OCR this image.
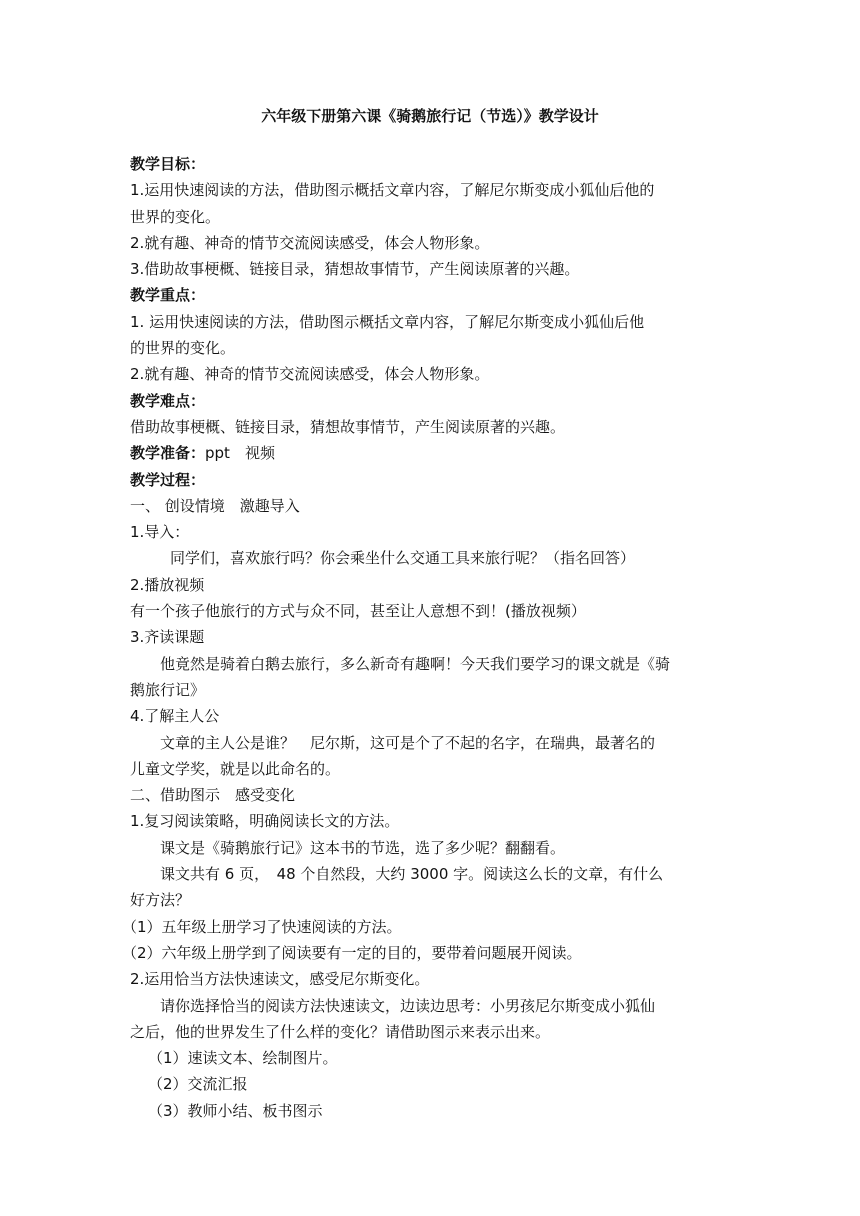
六年级下册第六课《骑鹅旅行记（节选）》教学设计
教学目标：
1.运用快速阅读的方法，借助图示概括文章内容，了解尼尔斯变成小狐仙后他的
世界的变化。
2.就有趣、神奇的情节交流阅读感受，体会人物形象。
3.借助故事梗概、链接目录，猜想故事情节，产生阅读原著的兴趣。
教学重点：
1. 运用快速阅读的方法，借助图示概括文章内容，了解尼尔斯变成小狐仙后他
的世界的变化。
2.就有趣、神奇的情节交流阅读感受，体会人物形象。
教学难点：
借助故事梗概、链接目录，猜想故事情节，产生阅读原著的兴趣。
教学准备：ppt　视频
教学过程：
一、 创设情境　激趣导入
1.导入：
同学们，喜欢旅行吗？你会乘坐什么交通工具来旅行呢？（指名回答）
2.播放视频
有一个孩子他旅行的方式与众不同，甚至让人意想不到！(播放视频）
3.齐读课题
他竟然是骑着白鹅去旅行，多么新奇有趣啊！今天我们要学习的课文就是《骑
鹅旅行记》
4.了解主人公
文章的主人公是谁？　尼尔斯，这可是个了不起的名字，在瑞典，最著名的
儿童文学奖，就是以此命名的。
二、借助图示　感受变化
1.复习阅读策略，明确阅读长文的方法。
课文是《骑鹅旅行记》这本书的节选，选了多少呢？翻翻看。
课文共有 6 页，　48 个自然段，大约 3000 字。阅读这么长的文章，有什么
好方法？
（1）五年级上册学习了快速阅读的方法。
（2）六年级上册学到了阅读要有一定的目的，要带着问题展开阅读。
2.运用恰当方法快速读文，感受尼尔斯变化。
请你选择恰当的阅读方法快速读文，边读边思考：小男孩尼尔斯变成小狐仙
之后，他的世界发生了什么样的变化？请借助图示来表示出来。
（1）速读文本、绘制图片。
（2）交流汇报
（3）教师小结、板书图示
